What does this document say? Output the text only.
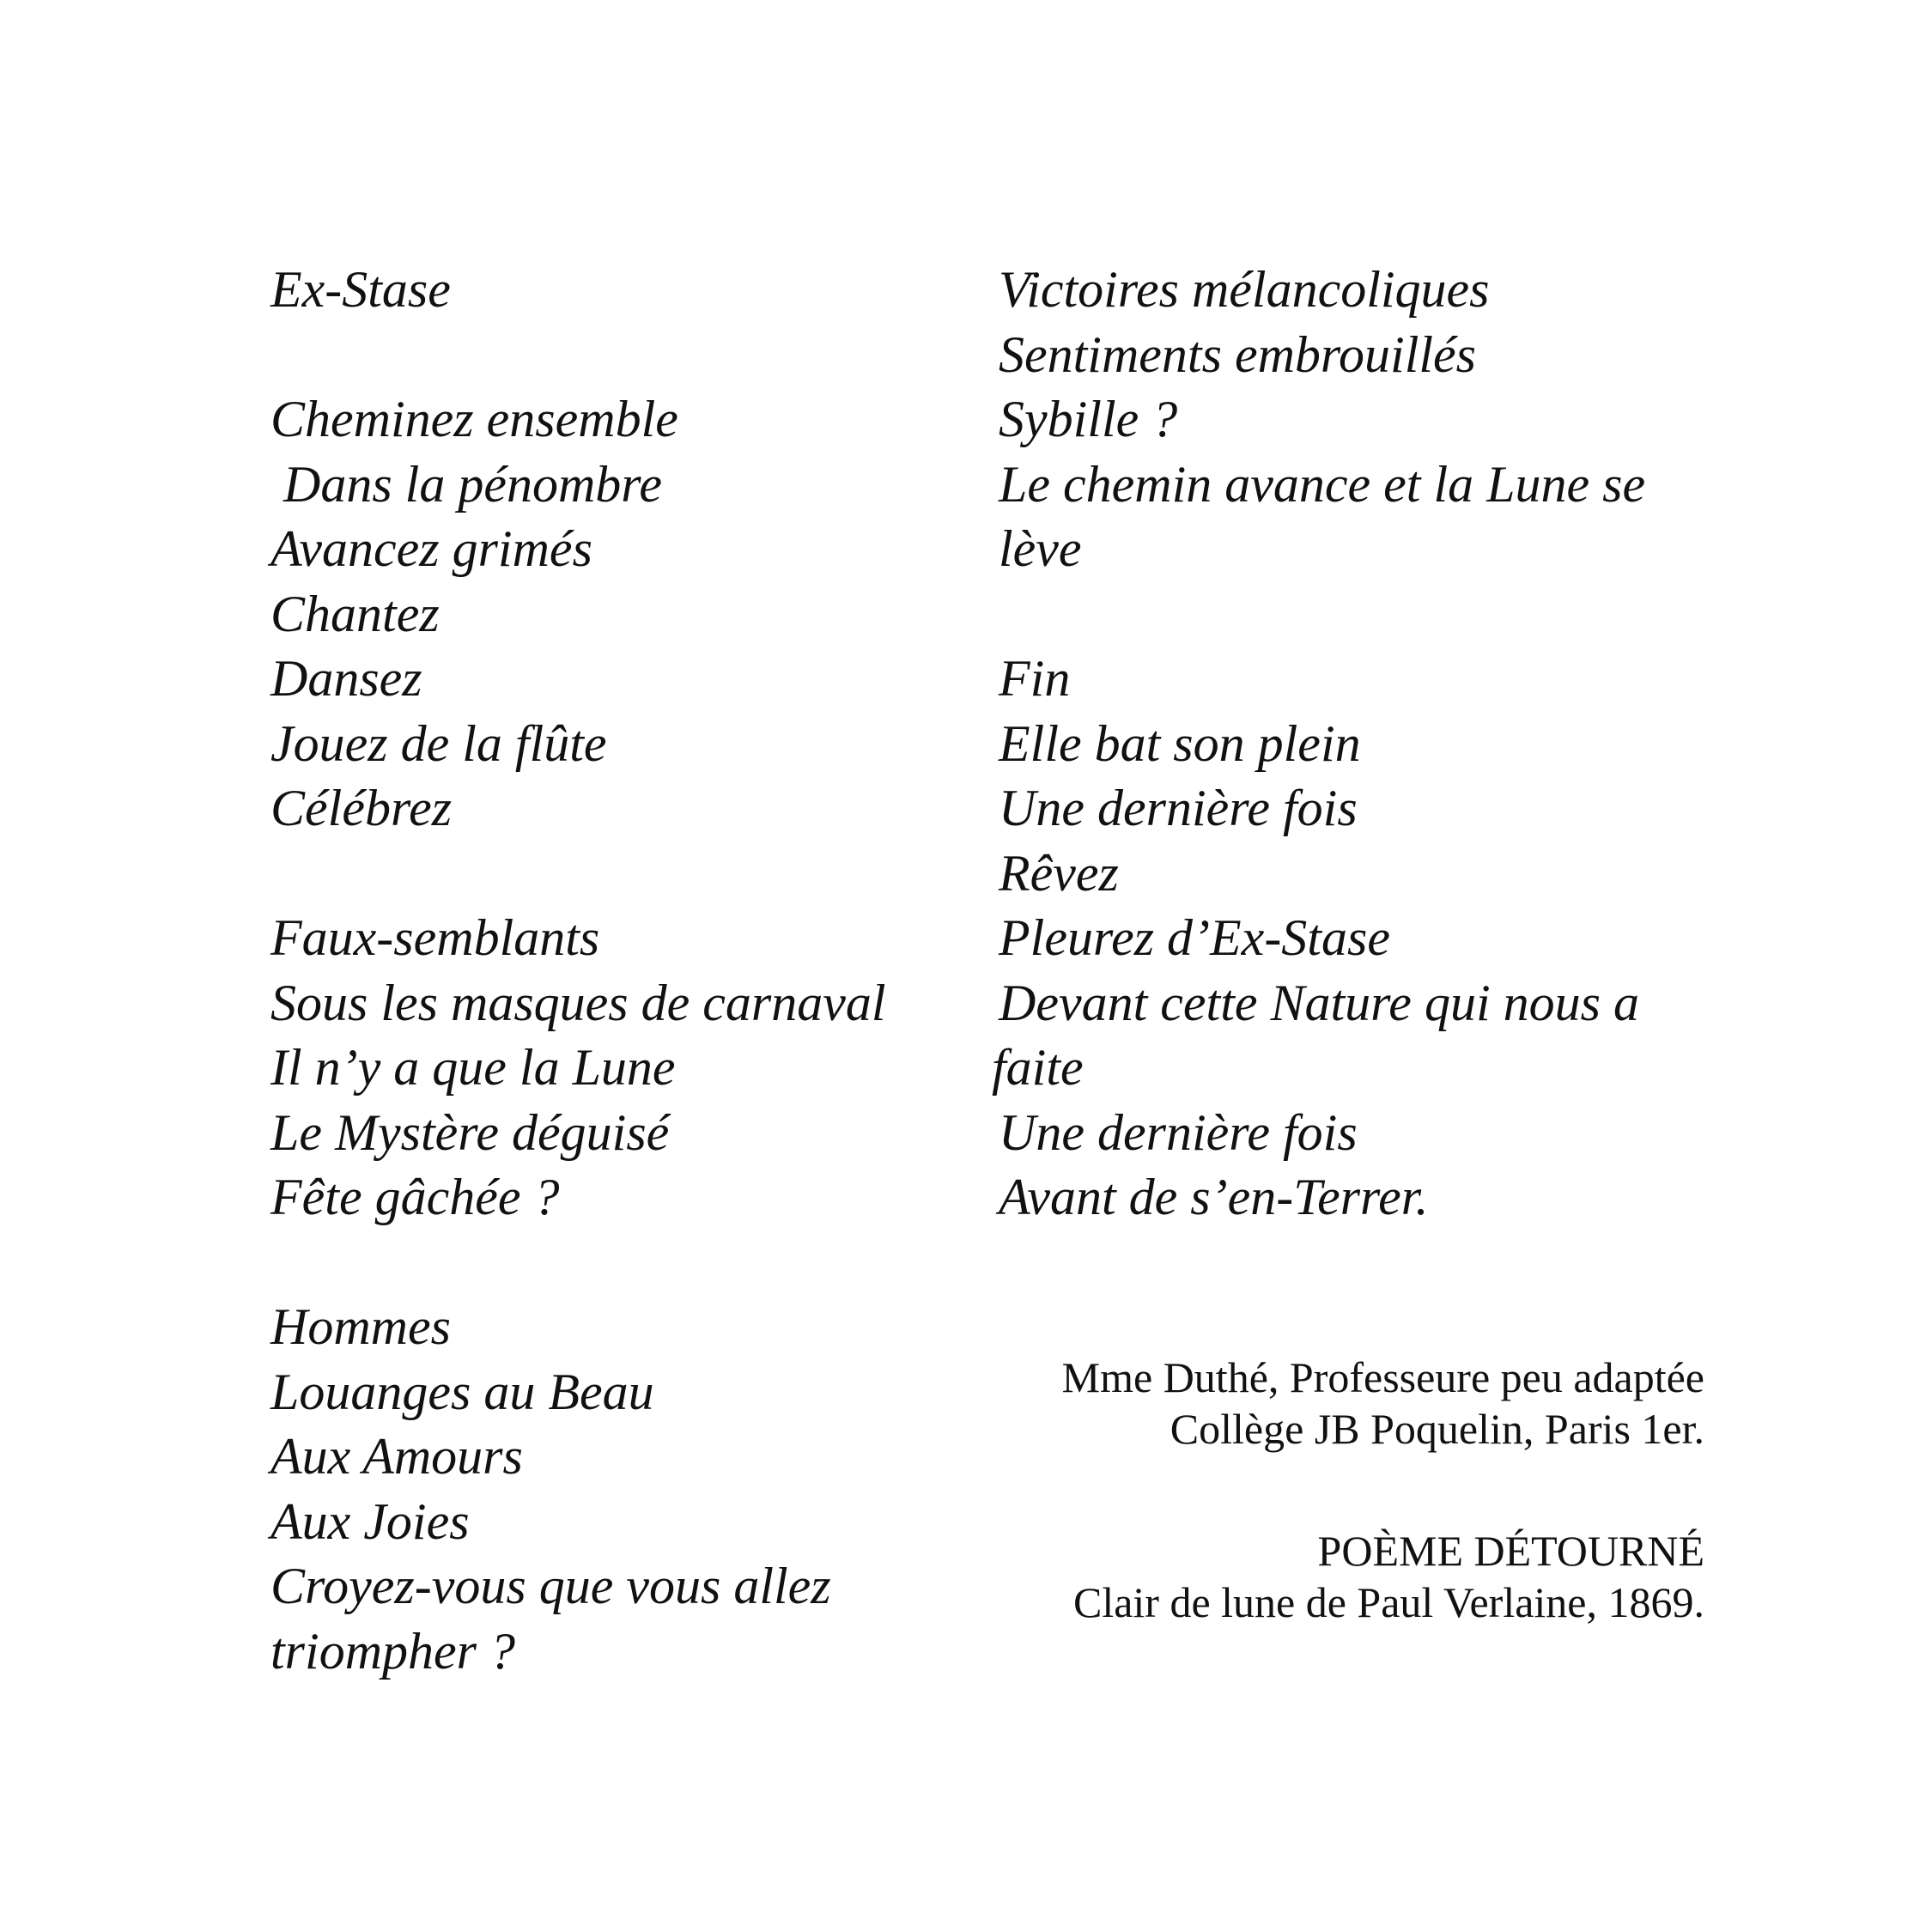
Ex-Stase
Cheminez ensemble
Dans la pénombre
Avancez grimés
Chantez
Dansez
Jouez de la flûte
Célébrez
Faux-semblants
Sous les masques de carnaval
Il n’y a que la Lune
Le Mystère déguisé
Fête gâchée ?
Hommes
Louanges au Beau
Aux Amours
Aux Joies
Croyez-vous que vous allez
triompher ?
Victoires mélancoliques
Sentiments embrouillés
Sybille ?
Le chemin avance et la Lune se
lève
Fin
Elle bat son plein
Une dernière fois
Rêvez
Pleurez d’Ex-Stase
Devant cette Nature qui nous a
faite
Une dernière fois
Avant de s’en-Terrer.
Mme Duthé, Professeure peu adaptée
Collège JB Poquelin, Paris 1er.
POÈME DÉTOURNÉ
Clair de lune de Paul Verlaine, 1869.
